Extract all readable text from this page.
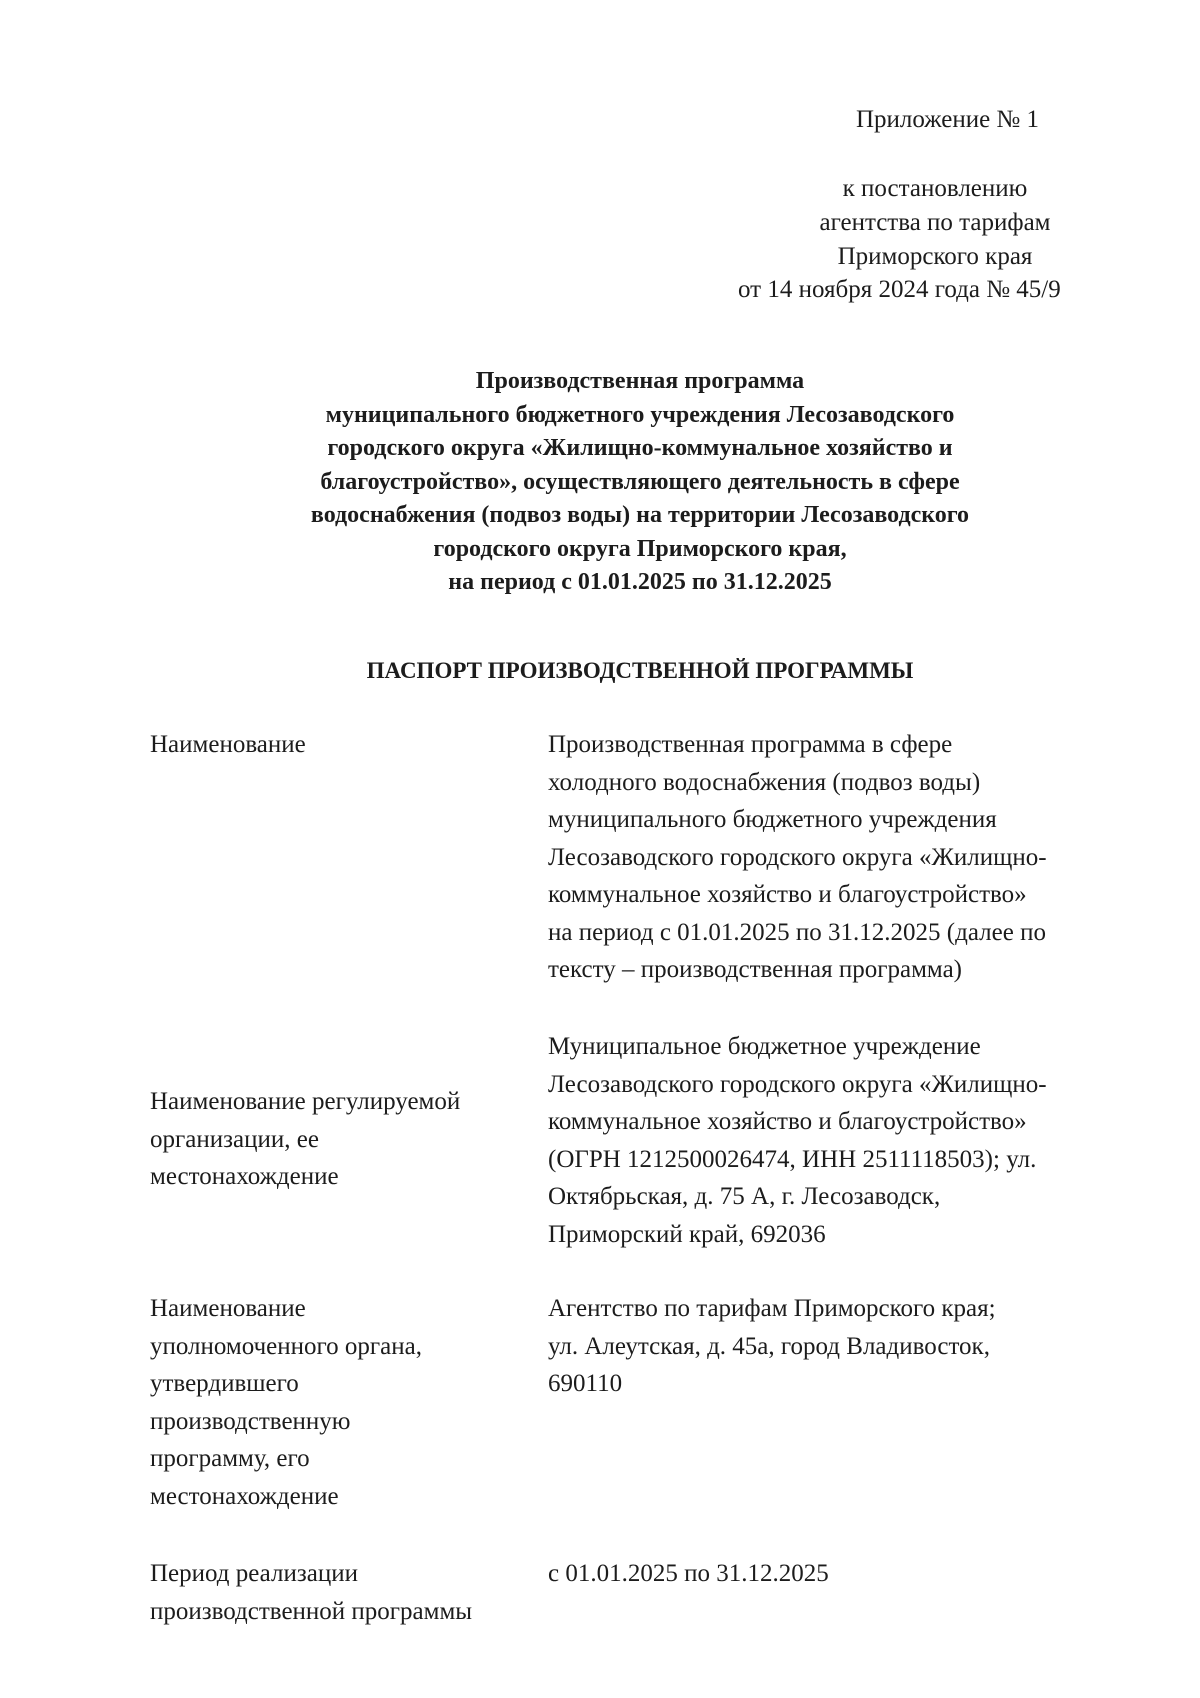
Приложение № 1
к постановлению
агентства по тарифам
Приморского края
от 14 ноября 2024 года № 45/9
Производственная программа
муниципального бюджетного учреждения Лесозаводского
городского округа «Жилищно-коммунальное хозяйство и
благоустройство», осуществляющего деятельность в сфере
водоснабжения (подвоз воды) на территории Лесозаводского
городского округа Приморского края,
на период с 01.01.2025 по 31.12.2025
ПАСПОРТ ПРОИЗВОДСТВЕННОЙ ПРОГРАММЫ
Наименование	Производственная программа в сфере
холодного водоснабжения (подвоз воды)
муниципального бюджетного учреждения
Лесозаводского городского округа «Жилищно-
коммунальное хозяйство и благоустройство»
на период с 01.01.2025 по 31.12.2025 (далее по
тексту – производственная программа)
Наименование регулируемой
организации, ее
местонахождение
Муниципальное бюджетное учреждение
Лесозаводского городского округа «Жилищно-
коммунальное хозяйство и благоустройство»
(ОГРН 1212500026474, ИНН 2511118503); ул.
Октябрьская, д. 75 А, г. Лесозаводск,
Приморский край, 692036
Наименование
уполномоченного органа,
утвердившего
производственную
программу, его
местонахождение
Агентство по тарифам Приморского края;
ул. Алеутская, д. 45а, город Владивосток,
690110
Период реализации
производственной программы
с 01.01.2025 по 31.12.2025
